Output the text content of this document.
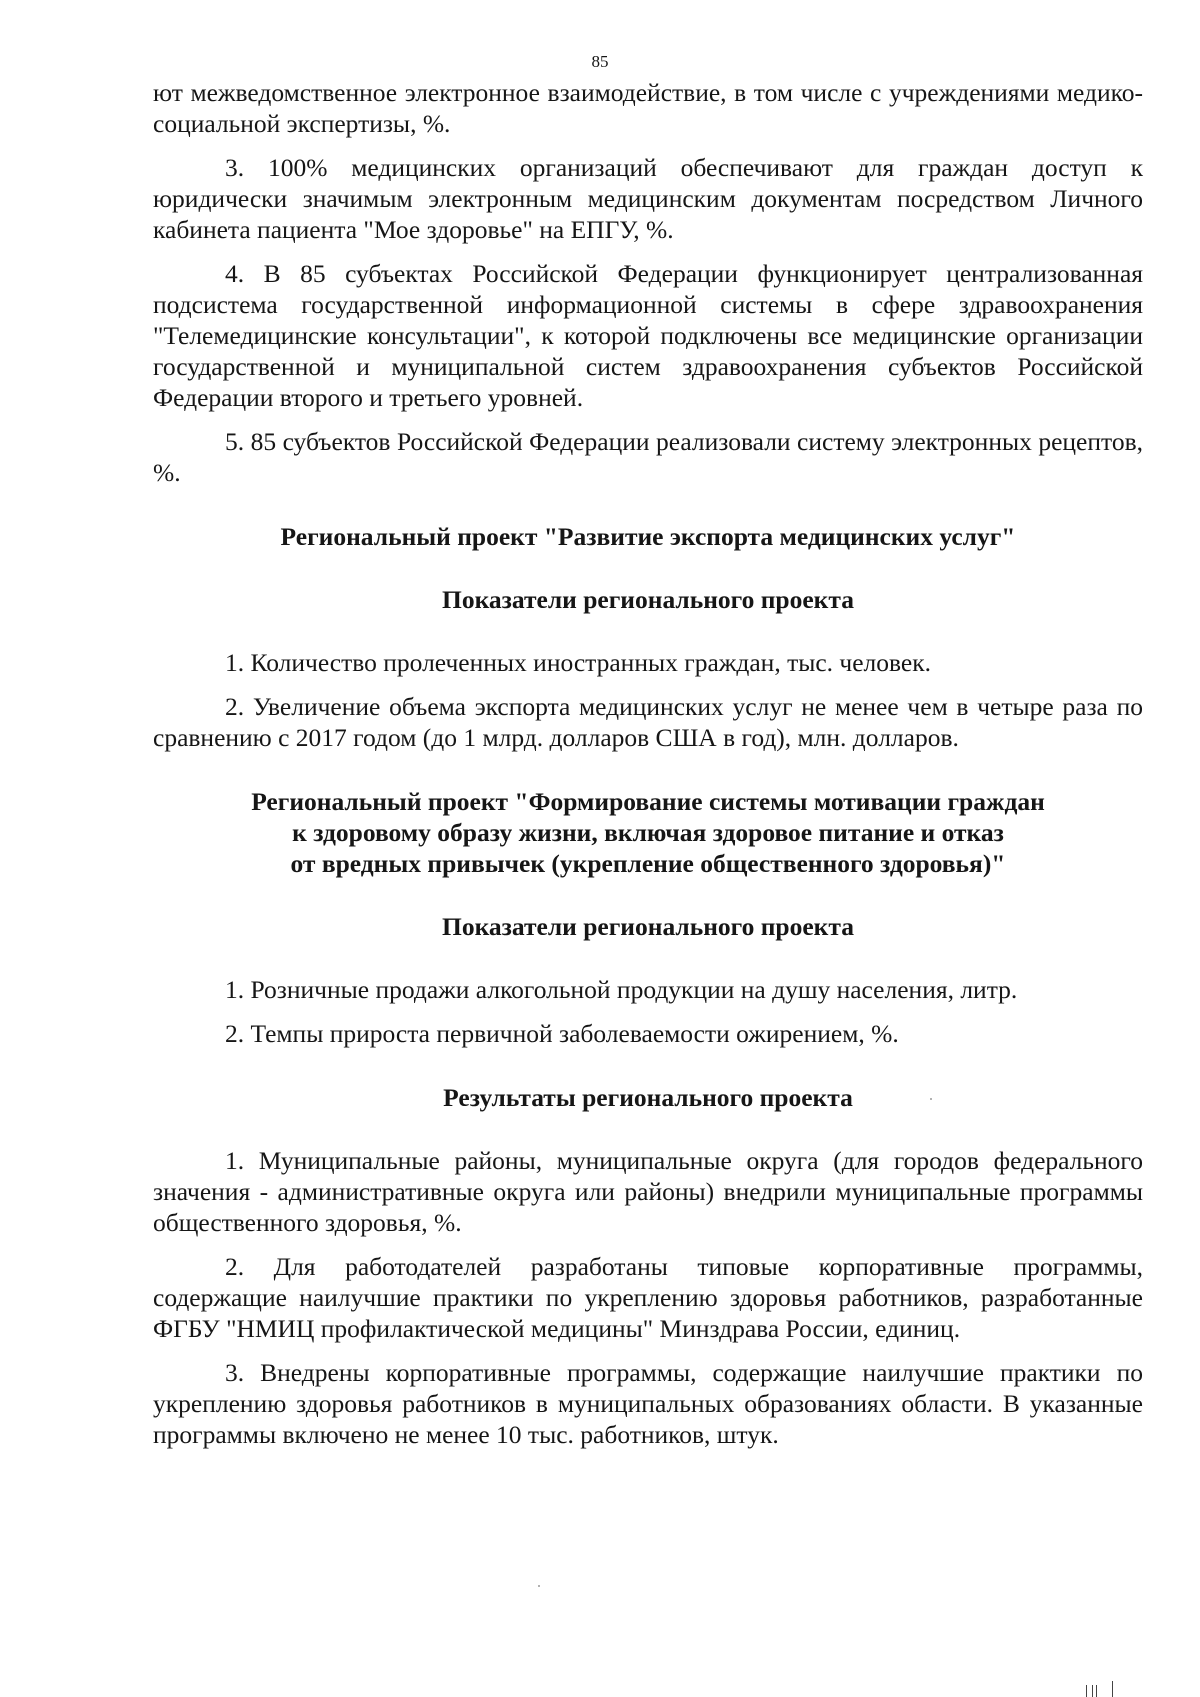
85

ют межведомственное электронное взаимодействие, в том числе с учреждениями медико-социальной экспертизы, %.

3. 100% медицинских организаций обеспечивают для граждан доступ к юридически значимым электронным медицинским документам посредством Личного кабинета пациента "Мое здоровье" на ЕПГУ, %.

4. В 85 субъектах Российской Федерации функционирует централизованная подсистема государственной информационной системы в сфере здравоохранения "Телемедицинские консультации", к которой подключены все медицинские организации государственной и муниципальной систем здравоохранения субъектов Российской Федерации второго и третьего уровней.

5. 85 субъектов Российской Федерации реализовали систему электронных рецептов, %.

Региональный проект "Развитие экспорта медицинских услуг"
Показатели регионального проекта

1. Количество пролеченных иностранных граждан, тыс. человек.

2. Увеличение объема экспорта медицинских услуг не менее чем в четыре раза по сравнению с 2017 годом (до 1 млрд. долларов США в год), млн. долларов.

Региональный проект "Формирование системы мотивации граждан
к здоровому образу жизни, включая здоровое питание и отказ
от вредных привычек (укрепление общественного здоровья)"
Показатели регионального проекта

1. Розничные продажи алкогольной продукции на душу населения, литр.

2. Темпы прироста первичной заболеваемости ожирением, %.

Результаты регионального проекта

1. Муниципальные районы, муниципальные округа (для городов федерального значения - административные округа или районы) внедрили муниципальные программы общественного здоровья, %.

2. Для работодателей разработаны типовые корпоративные программы, содержащие наилучшие практики по укреплению здоровья работников, разработанные ФГБУ "НМИЦ профилактической медицины" Минздрава России, единиц.

3. Внедрены корпоративные программы, содержащие наилучшие практики по укреплению здоровья работников в муниципальных образованиях области. В указанные программы включено не менее 10 тыс. работников, штук.
